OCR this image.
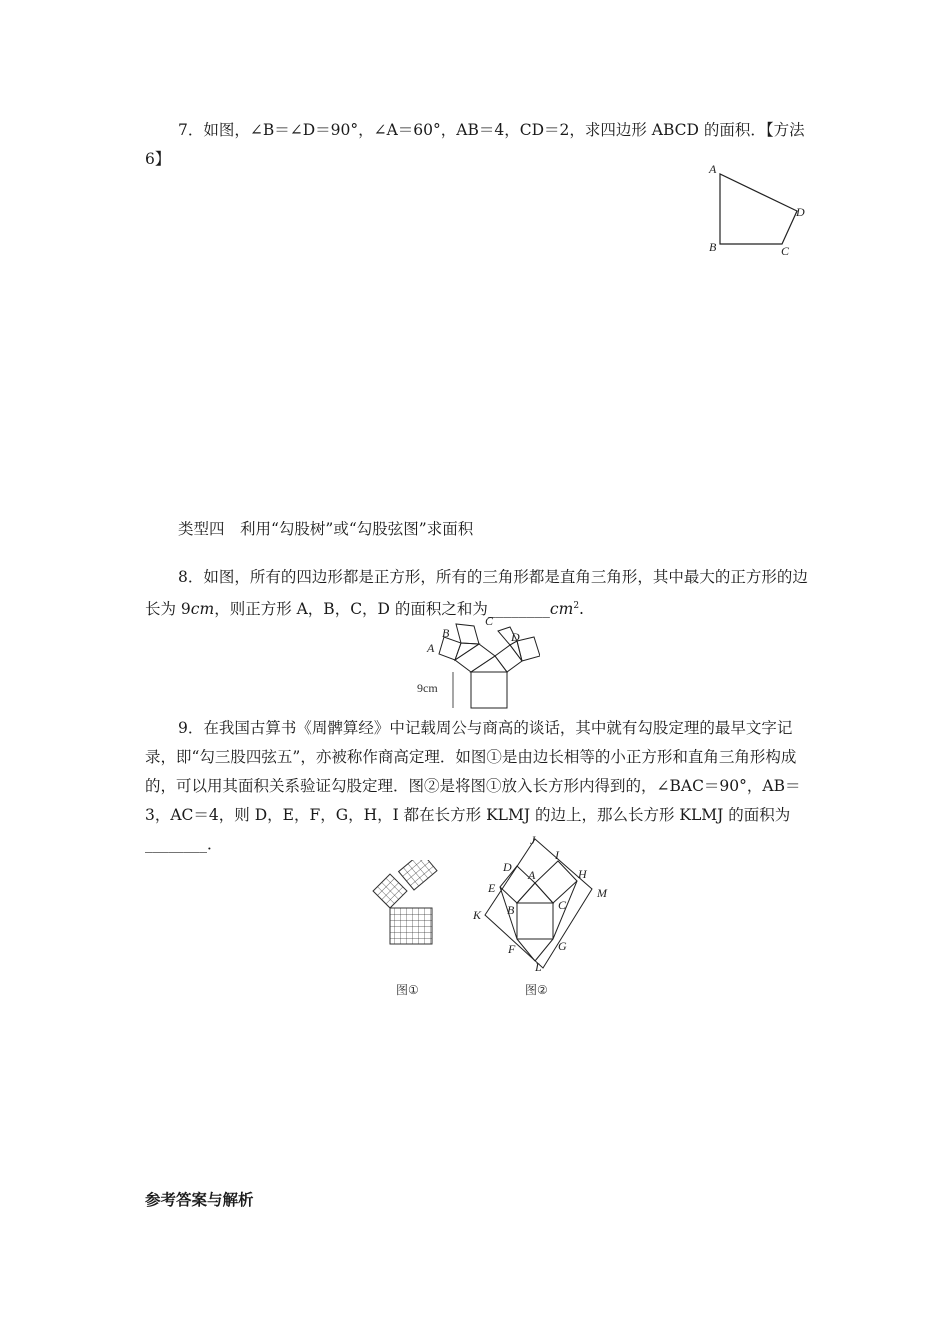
7．如图，∠B＝∠D＝90°，∠A＝60°，AB＝4，CD＝2，求四边形 ABCD 的面积．【方法 6】

A
B	C
D

类型四　利用“勾股树”或“勾股弦图”求面积

8．如图，所有的四边形都是正方形，所有的三角形都是直角三角形，其中最大的正方形的边长为 9cm，则正方形 A，B，C，D 的面积之和为$\_\_\_\_\_\_\_\_cm^2$.

A
B
C
D
9cm

9．在我国古算书《周髀算经》中记载周公与商高的谈话，其中就有勾股定理的最早文字记录，即“勾三股四弦五”，亦被称作商高定理．如图①是由边长相等的小正方形和直角三角形构成的，可以用其面积关系验证勾股定理．图②是将图①放入长方形内得到的，∠BAC＝90°，AB＝3，AC＝4，则 D，E，F，G，H，I 都在长方形 KLMJ 的边上，那么长方形 KLMJ 的面积为________．

图①
J
I
D
A	H
M
E
C
B
K
F	G
L
图②

参考答案与解析
